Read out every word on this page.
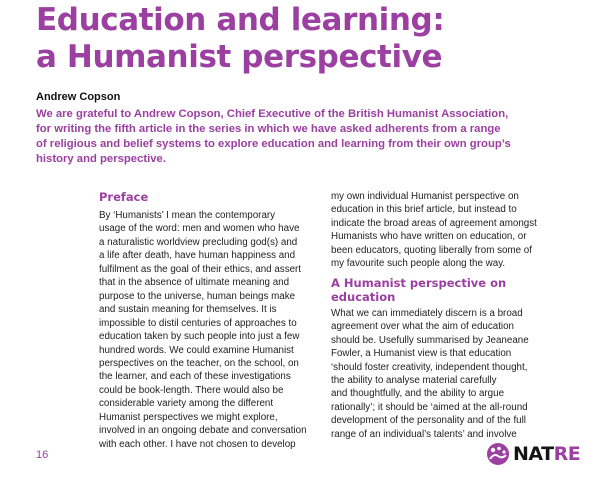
Education and learning:
a Humanist perspective
Andrew Copson
We are grateful to Andrew Copson, Chief Executive of the British Humanist Association,
for writing the fifth article in the series in which we have asked adherents from a range
of religious and belief systems to explore education and learning from their own group’s
history and perspective.
Preface
By ‘Humanists’ I mean the contemporary
usage of the word: men and women who have
a naturalistic worldview precluding god(s) and
a life after death, have human happiness and
fulfilment as the goal of their ethics, and assert
that in the absence of ultimate meaning and
purpose to the universe, human beings make
and sustain meaning for themselves. It is
impossible to distil centuries of approaches to
education taken by such people into just a few
hundred words. We could examine Humanist
perspectives on the teacher, on the school, on
the learner, and each of these investigations
could be book-length. There would also be
considerable variety among the different
Humanist perspectives we might explore,
involved in an ongoing debate and conversation
with each other. I have not chosen to develop
my own individual Humanist perspective on
education in this brief article, but instead to
indicate the broad areas of agreement amongst
Humanists who have written on education, or
been educators, quoting liberally from some of
my favourite such people along the way.
A Humanist perspective on
education
What we can immediately discern is a broad
agreement over what the aim of education
should be. Usefully summarised by Jeaneane
Fowler, a Humanist view is that education
‘should foster creativity, independent thought,
the ability to analyse material carefully
and thoughtfully, and the ability to argue
rationally’; it should be ‘aimed at the all-round
development of the personality and of the full
range of an individual’s talents’ and involve
16	NATRE
